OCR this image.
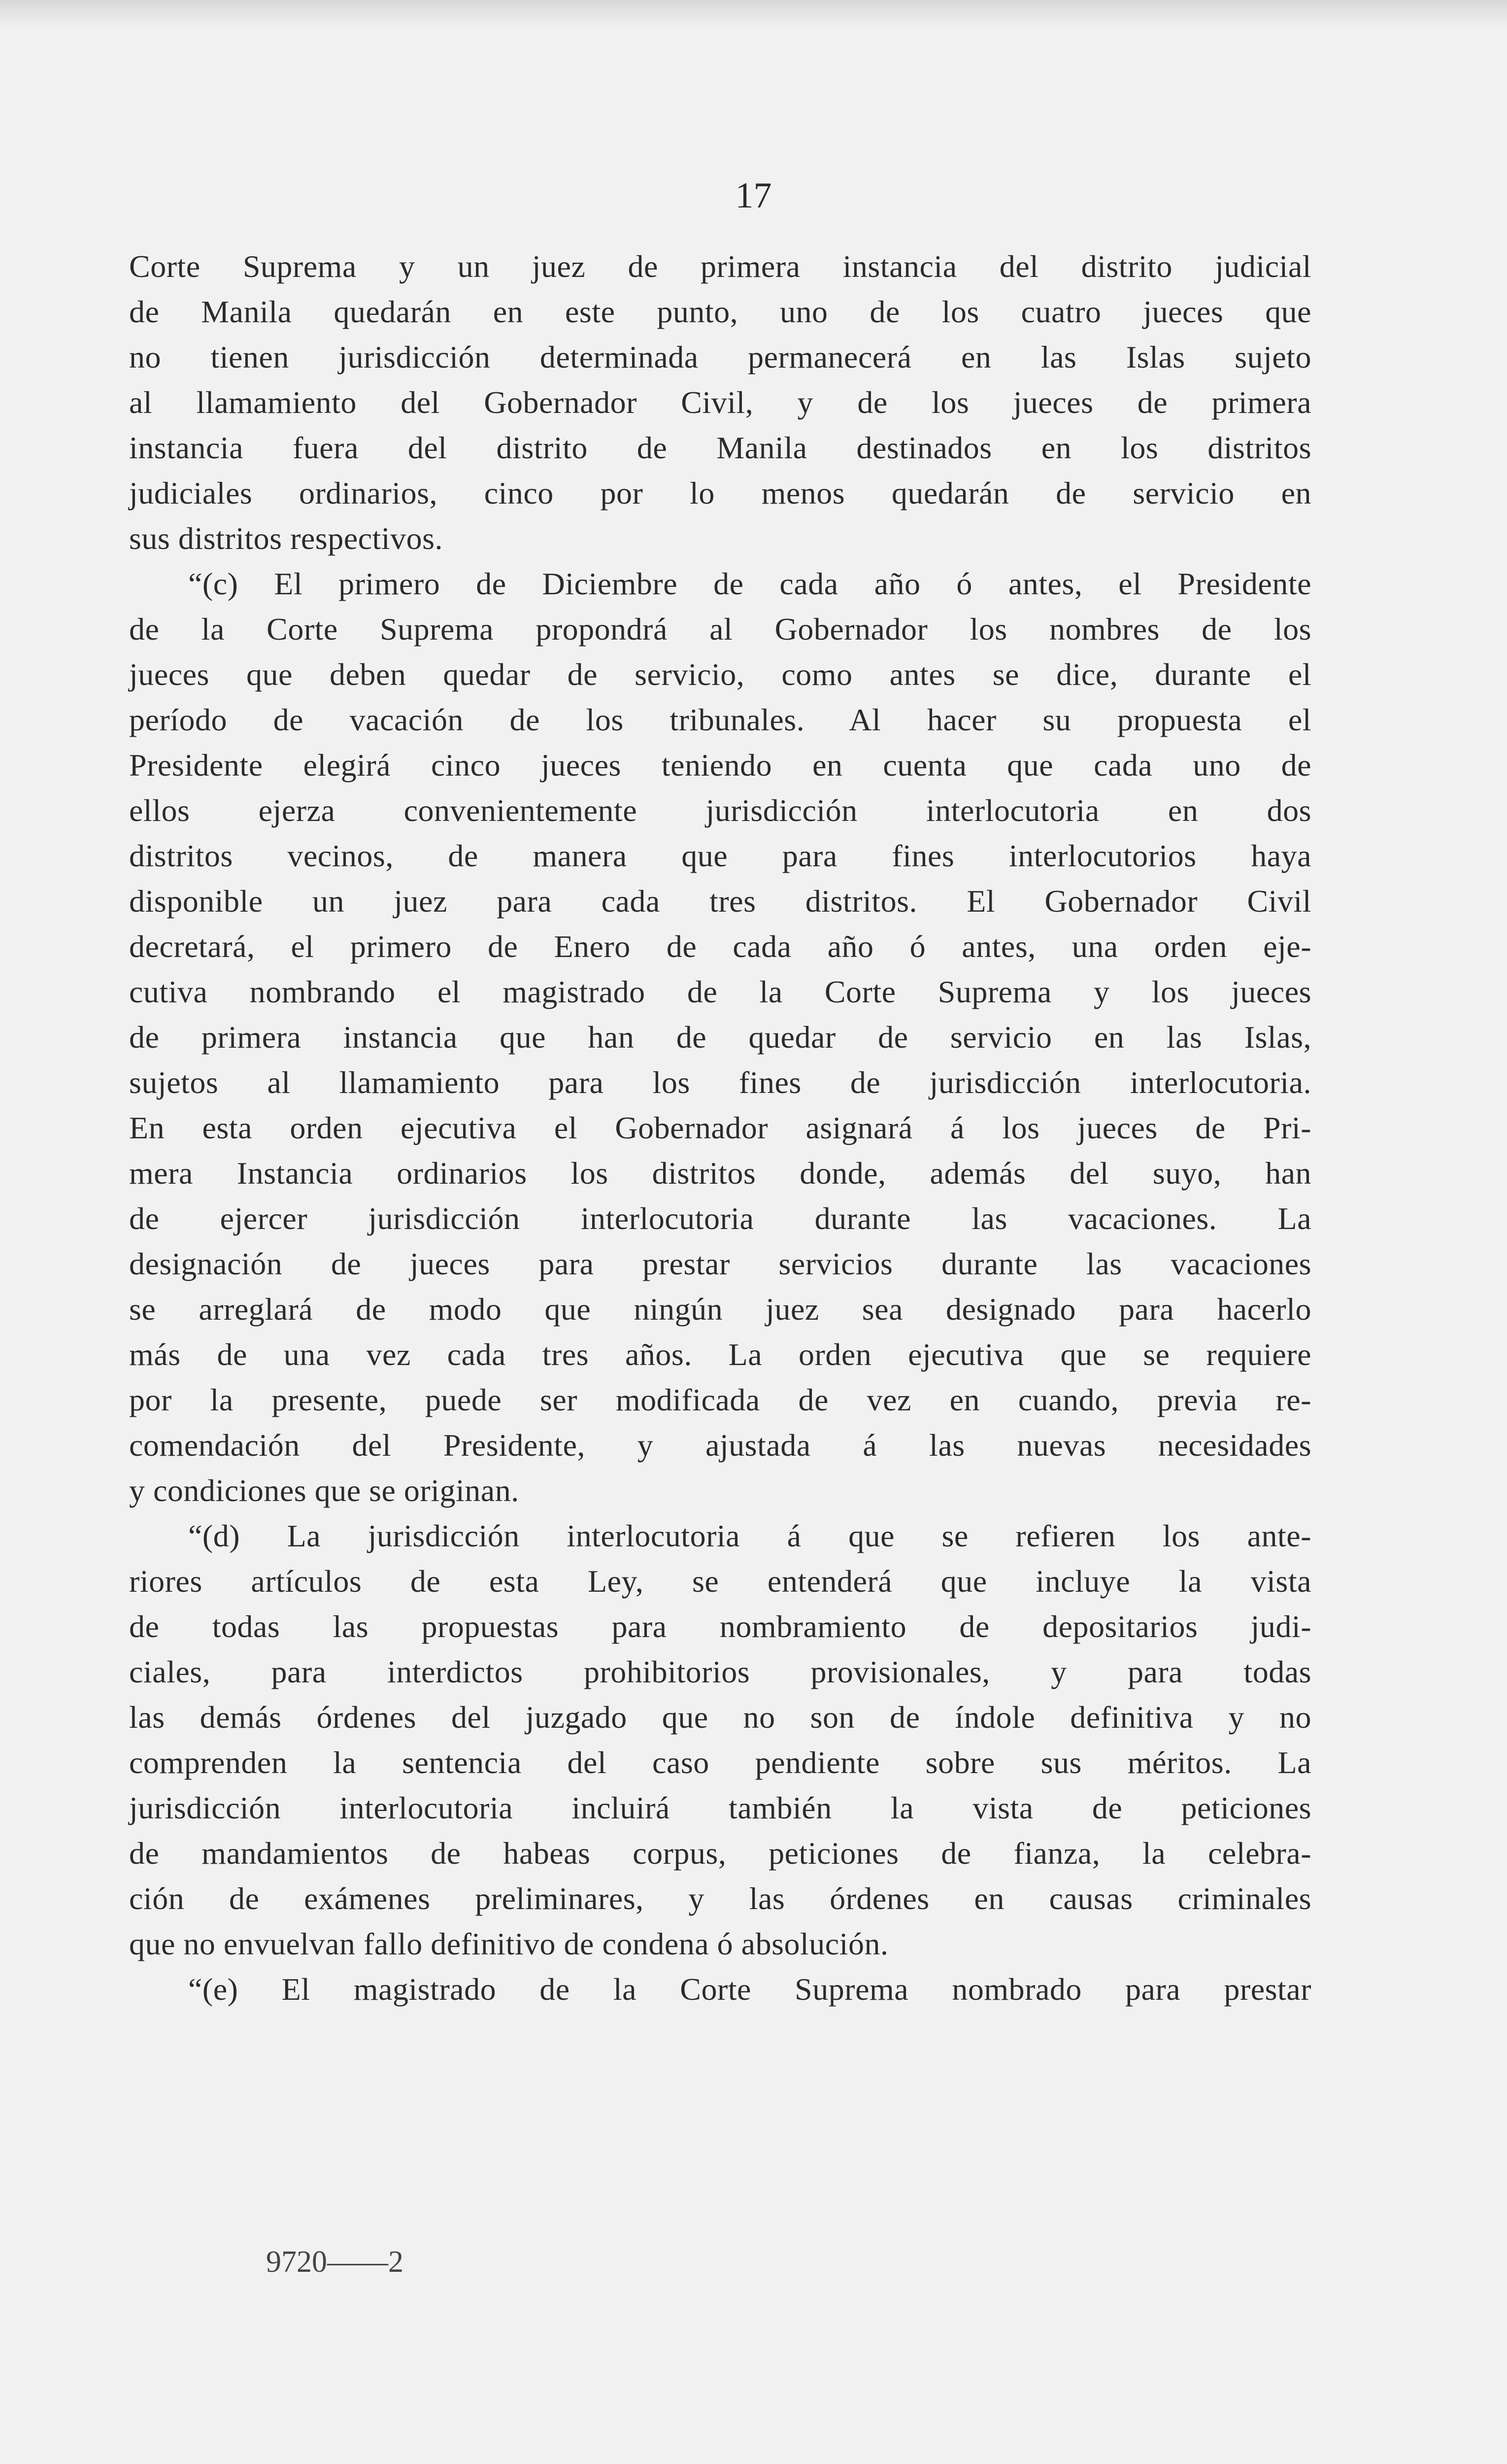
17
Corte Suprema y un juez de primera instancia del distrito judicial
de Manila quedarán en este punto, uno de los cuatro jueces que
no tienen jurisdicción determinada permanecerá en las Islas sujeto
al llamamiento del Gobernador Civil, y de los jueces de primera
instancia fuera del distrito de Manila destinados en los distritos
judiciales ordinarios, cinco por lo menos quedarán de servicio en
sus distritos respectivos.
“(c) El primero de Diciembre de cada año ó antes, el Presidente
de la Corte Suprema propondrá al Gobernador los nombres de los
jueces que deben quedar de servicio, como antes se dice, durante el
período de vacación de los tribunales. Al hacer su propuesta el
Presidente elegirá cinco jueces teniendo en cuenta que cada uno de
ellos ejerza convenientemente jurisdicción interlocutoria en dos
distritos vecinos, de manera que para fines interlocutorios haya
disponible un juez para cada tres distritos. El Gobernador Civil
decretará, el primero de Enero de cada año ó antes, una orden eje-
cutiva nombrando el magistrado de la Corte Suprema y los jueces
de primera instancia que han de quedar de servicio en las Islas,
sujetos al llamamiento para los fines de jurisdicción interlocutoria.
En esta orden ejecutiva el Gobernador asignará á los jueces de Pri-
mera Instancia ordinarios los distritos donde, además del suyo, han
de ejercer jurisdicción interlocutoria durante las vacaciones. La
designación de jueces para prestar servicios durante las vacaciones
se arreglará de modo que ningún juez sea designado para hacerlo
más de una vez cada tres años. La orden ejecutiva que se requiere
por la presente, puede ser modificada de vez en cuando, previa re-
comendación del Presidente, y ajustada á las nuevas necesidades
y condiciones que se originan.
“(d) La jurisdicción interlocutoria á que se refieren los ante-
riores artículos de esta Ley, se entenderá que incluye la vista
de todas las propuestas para nombramiento de depositarios judi-
ciales, para interdictos prohibitorios provisionales, y para todas
las demás órdenes del juzgado que no son de índole definitiva y no
comprenden la sentencia del caso pendiente sobre sus méritos. La
jurisdicción interlocutoria incluirá también la vista de peticiones
de mandamientos de habeas corpus, peticiones de fianza, la celebra-
ción de exámenes preliminares, y las órdenes en causas criminales
que no envuelvan fallo definitivo de condena ó absolución.
“(e) El magistrado de la Corte Suprema nombrado para prestar
9720——2
